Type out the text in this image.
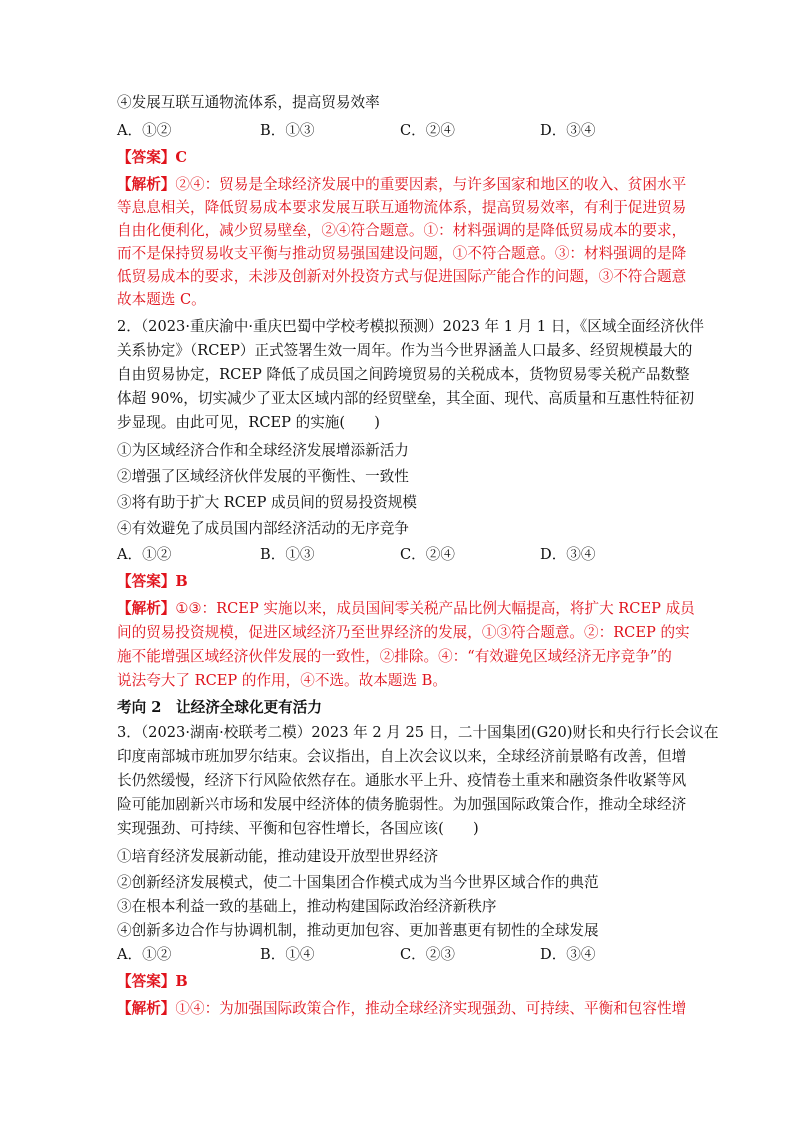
④发展互联互通物流体系，提高贸易效率
A．①②	B．①③	C．②④	D．③④
【答案】C
【解析】②④：贸易是全球经济发展中的重要因素，与许多国家和地区的收入、贫困水平
等息息相关，降低贸易成本要求发展互联互通物流体系，提高贸易效率，有利于促进贸易
自由化便利化，减少贸易壁垒，②④符合题意。①：材料强调的是降低贸易成本的要求，
而不是保持贸易收支平衡与推动贸易强国建设问题，①不符合题意。③：材料强调的是降
低贸易成本的要求，未涉及创新对外投资方式与促进国际产能合作的问题，③不符合题意
故本题选 C。
2．（2023·重庆渝中·重庆巴蜀中学校考模拟预测）2023 年 1 月 1 日，《区域全面经济伙伴
关系协定》（RCEP）正式签署生效一周年。作为当今世界涵盖人口最多、经贸规模最大的
自由贸易协定，RCEP 降低了成员国之间跨境贸易的关税成本，货物贸易零关税产品数整
体超 90%，切实减少了亚太区域内部的经贸壁垒，其全面、现代、高质量和互惠性特征初
步显现。由此可见，RCEP 的实施(　　)
①为区域经济合作和全球经济发展增添新活力
②增强了区域经济伙伴发展的平衡性、一致性
③将有助于扩大 RCEP 成员间的贸易投资规模
④有效避免了成员国内部经济活动的无序竞争
A．①②	B．①③	C．②④	D．③④
【答案】B
【解析】①③：RCEP 实施以来，成员国间零关税产品比例大幅提高，将扩大 RCEP 成员
间的贸易投资规模，促进区域经济乃至世界经济的发展，①③符合题意。②：RCEP 的实
施不能增强区域经济伙伴发展的一致性，②排除。④：“有效避免区域经济无序竞争”的
说法夸大了 RCEP 的作用，④不选。故本题选 B。
考向 2　让经济全球化更有活力
3．（2023·湖南·校联考二模）2023 年 2 月 25 日，二十国集团(G20)财长和央行行长会议在
印度南部城市班加罗尔结束。会议指出，自上次会议以来，全球经济前景略有改善，但增
长仍然缓慢，经济下行风险依然存在。通胀水平上升、疫情卷土重来和融资条件收紧等风
险可能加剧新兴市场和发展中经济体的债务脆弱性。为加强国际政策合作，推动全球经济
实现强劲、可持续、平衡和包容性增长，各国应该(　　)
①培育经济发展新动能，推动建设开放型世界经济
②创新经济发展模式，使二十国集团合作模式成为当今世界区域合作的典范
③在根本利益一致的基础上，推动构建国际政治经济新秩序
④创新多边合作与协调机制，推动更加包容、更加普惠更有韧性的全球发展
A．①②	B．①④	C．②③	D．③④
【答案】B
【解析】①④：为加强国际政策合作，推动全球经济实现强劲、可持续、平衡和包容性增
